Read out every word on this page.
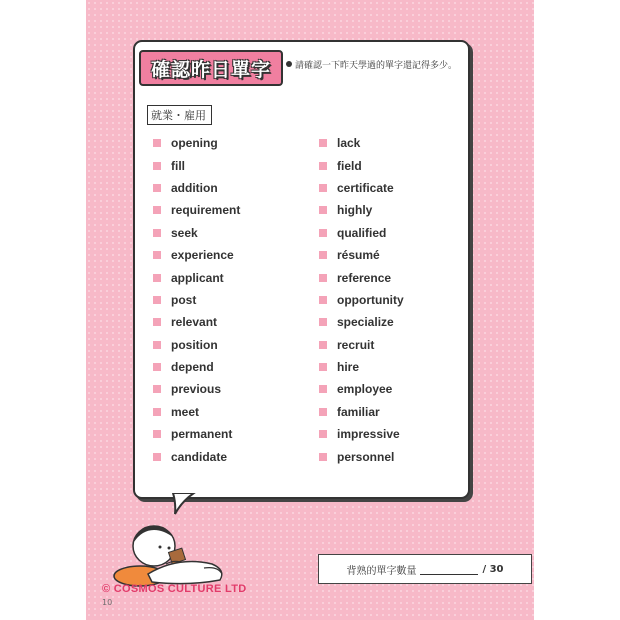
確認昨日單字	請確認一下昨天學過的單字還記得多少。
就業・雇用
opening
fill
addition
requirement
seek
experience
applicant
post
relevant
position
depend
previous
meet
permanent
candidate
lack
field
certificate
highly
qualified
résumé
reference
opportunity
specialize
recruit
hire
employee
familiar
impressive
personnel
背熟的單字數量	/ 30
© COSMOS CULTURE LTD
10
